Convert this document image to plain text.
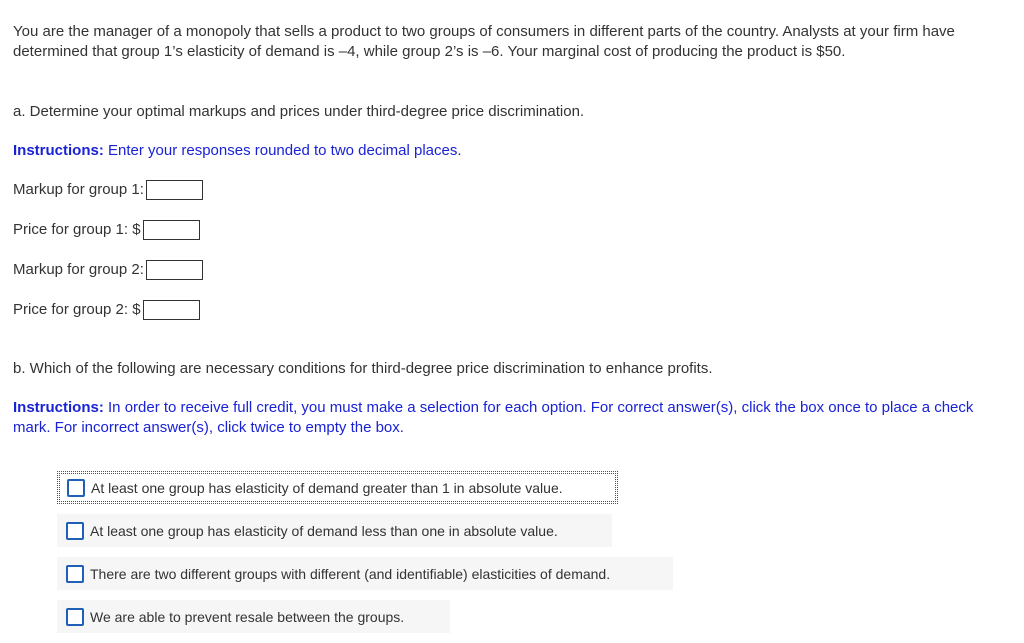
You are the manager of a monopoly that sells a product to two groups of consumers in different parts of the country. Analysts at your firm have determined that group 1’s elasticity of demand is –4, while group 2’s is –6. Your marginal cost of producing the product is $50.
a. Determine your optimal markups and prices under third-degree price discrimination.
Instructions: Enter your responses rounded to two decimal places.
Markup for group 1:
Price for group 1: $
Markup for group 2:
Price for group 2: $
b. Which of the following are necessary conditions for third-degree price discrimination to enhance profits.
Instructions: In order to receive full credit, you must make a selection for each option. For correct answer(s), click the box once to place a check mark. For incorrect answer(s), click twice to empty the box.
At least one group has elasticity of demand greater than 1 in absolute value.
At least one group has elasticity of demand less than one in absolute value.
There are two different groups with different (and identifiable) elasticities of demand.
We are able to prevent resale between the groups.
